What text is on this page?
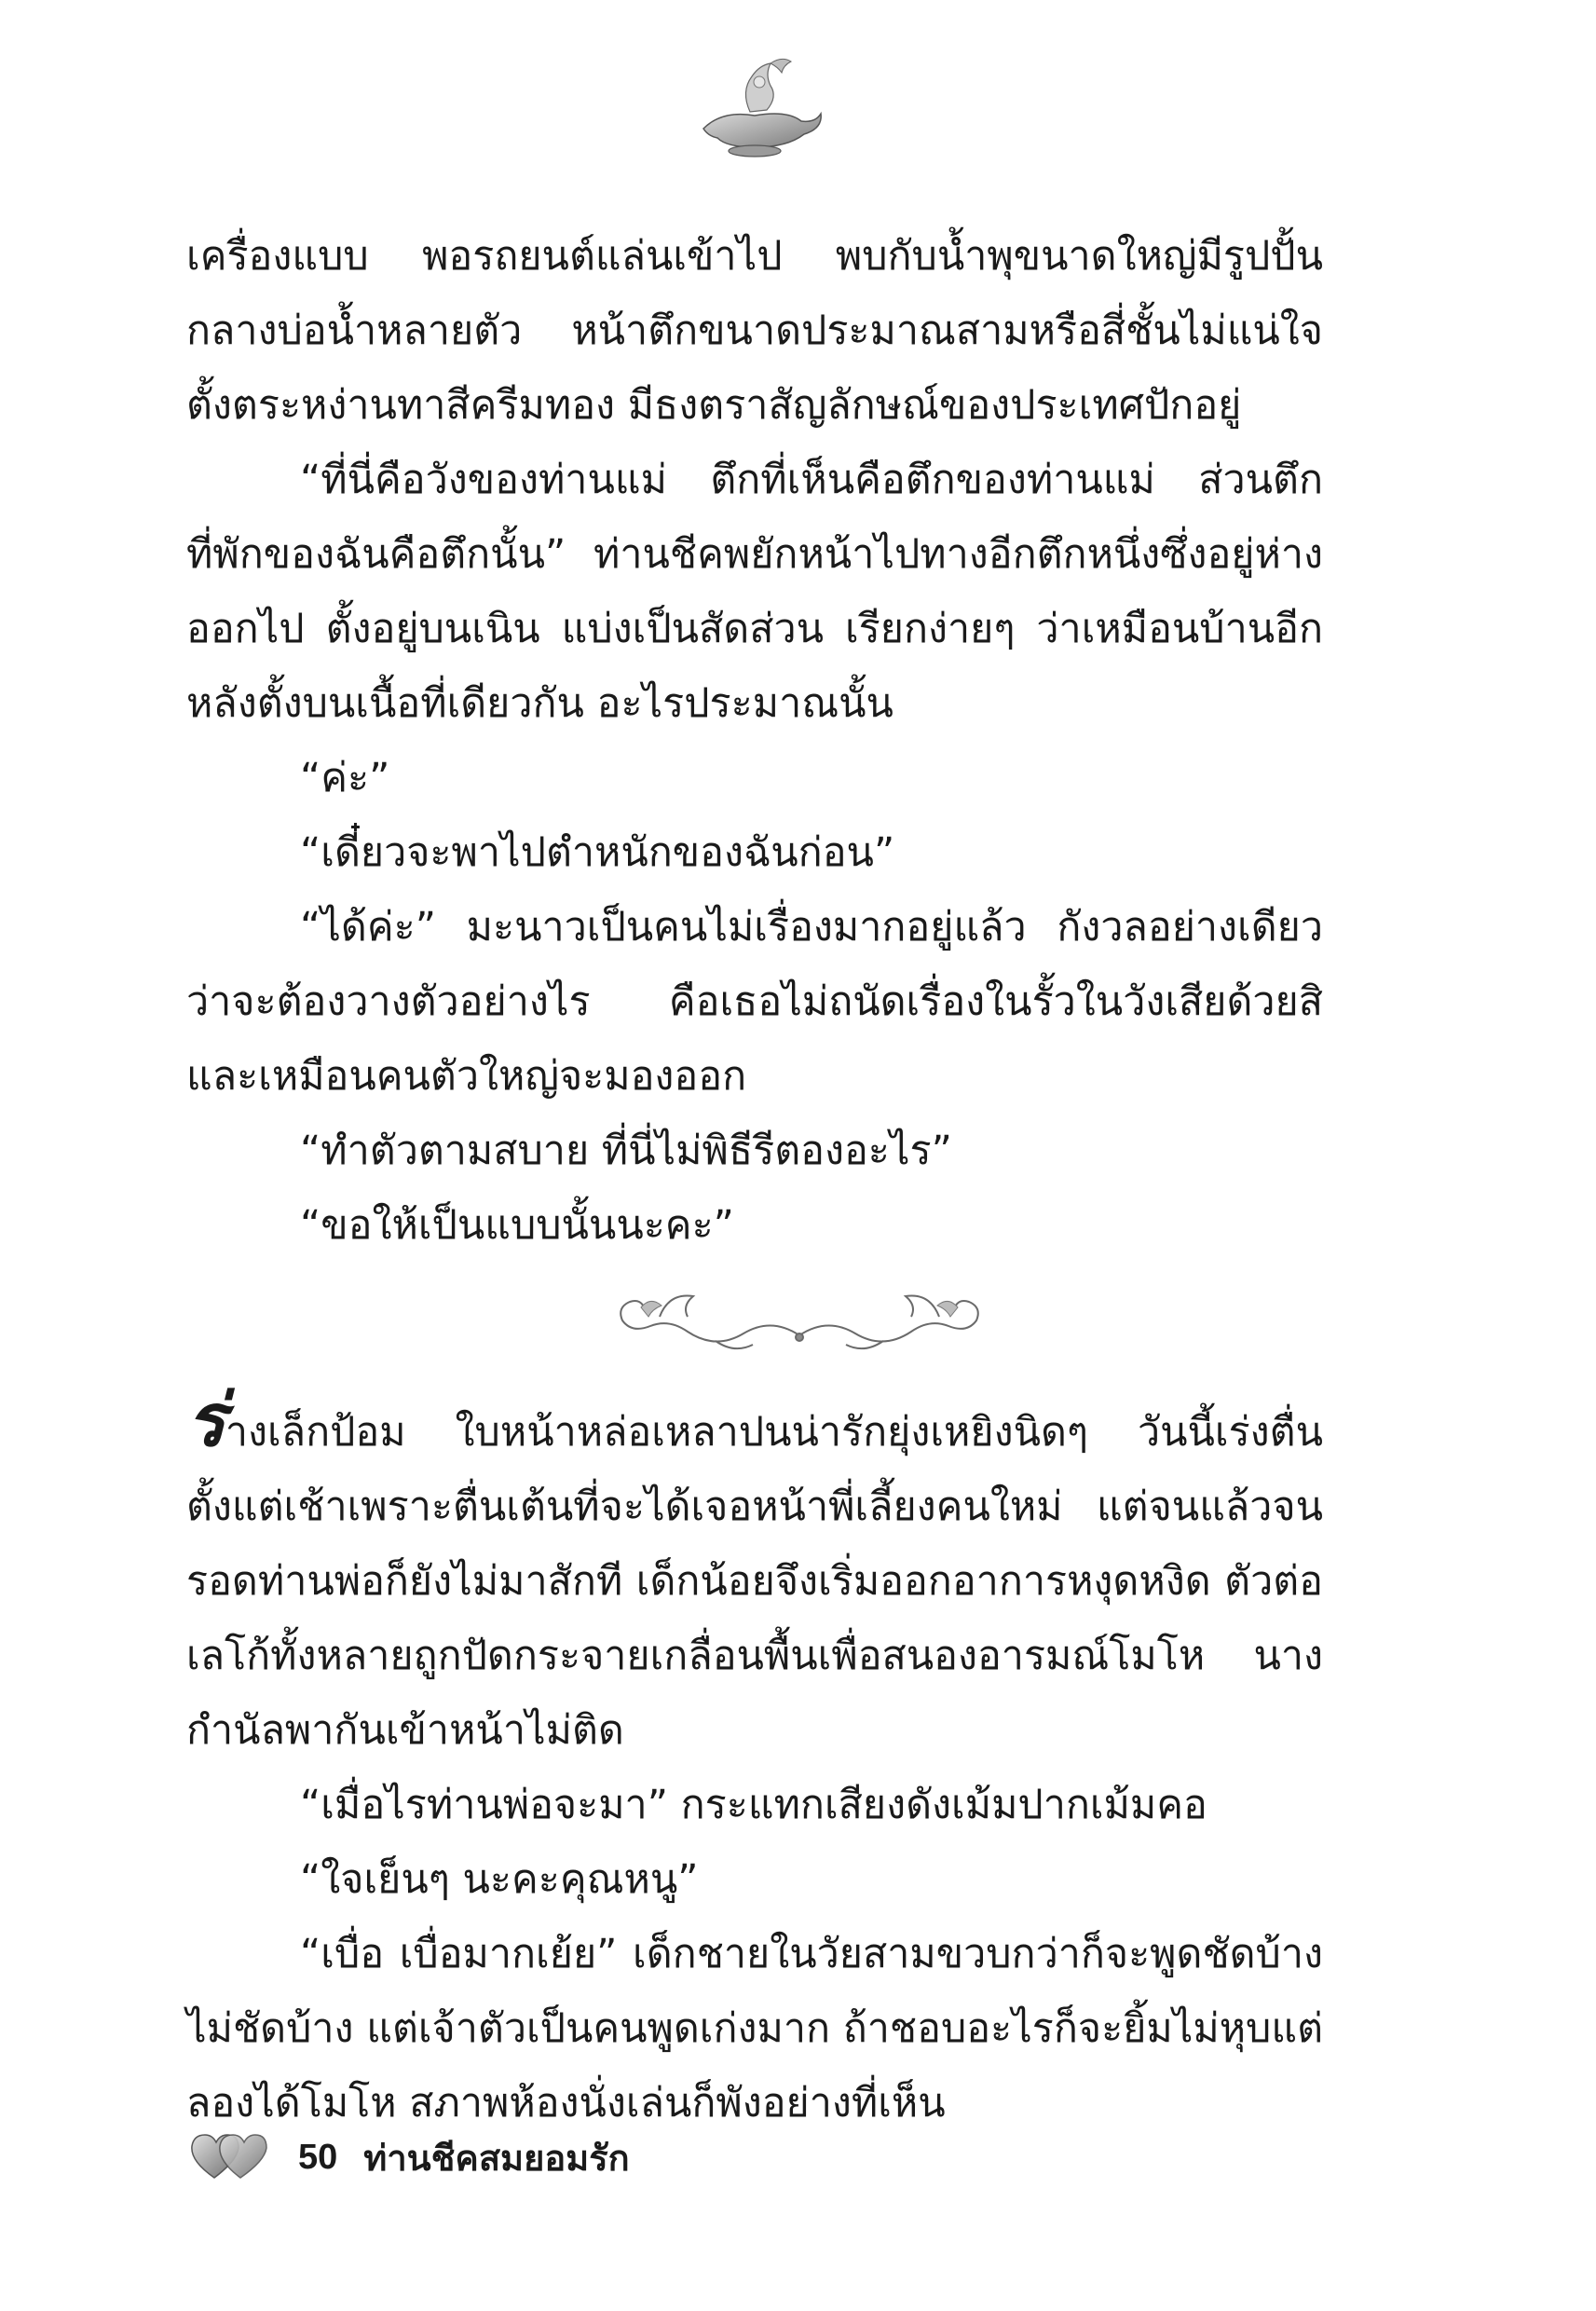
เครื่องแบบ พอรถยนต์แล่นเข้าไป พบกับน้ำพุขนาดใหญ่มีรูปปั้นกลางบ่อน้ำหลายตัว หน้าตึกขนาดประมาณสามหรือสี่ชั้นไม่แน่ใจ ตั้งตระหง่านทาสีครีมทอง มีธงตราสัญลักษณ์ของประเทศปักอยู่

“ที่นี่คือวังของท่านแม่ ตึกที่เห็นคือตึกของท่านแม่ ส่วนตึกที่พักของฉันคือตึกนั้น” ท่านชีคพยักหน้าไปทางอีกตึกหนึ่งซึ่งอยู่ห่างออกไป ตั้งอยู่บนเนิน แบ่งเป็นสัดส่วน เรียกง่ายๆ ว่าเหมือนบ้านอีกหลังตั้งบนเนื้อที่เดียวกัน อะไรประมาณนั้น

“ค่ะ”

“เดี๋ยวจะพาไปตำหนักของฉันก่อน”

“ได้ค่ะ” มะนาวเป็นคนไม่เรื่องมากอยู่แล้ว กังวลอย่างเดียวว่าจะต้องวางตัวอย่างไร คือเธอไม่ถนัดเรื่องในรั้วในวังเสียด้วยสิ และเหมือนคนตัวใหญ่จะมองออก

“ทำตัวตามสบาย ที่นี่ไม่พิธีรีตองอะไร”

“ขอให้เป็นแบบนั้นนะคะ”

ร่างเล็กป้อม ใบหน้าหล่อเหลาปนน่ารักยุ่งเหยิงนิดๆ วันนี้เร่งตื่นตั้งแต่เช้าเพราะตื่นเต้นที่จะได้เจอหน้าพี่เลี้ยงคนใหม่ แต่จนแล้วจนรอดท่านพ่อก็ยังไม่มาสักที เด็กน้อยจึงเริ่มออกอาการหงุดหงิด ตัวต่อเลโก้ทั้งหลายถูกปัดกระจายเกลื่อนพื้นเพื่อสนองอารมณ์โมโห นางกำนัลพากันเข้าหน้าไม่ติด

“เมื่อไรท่านพ่อจะมา” กระแทกเสียงดังเม้มปากเม้มคอ

“ใจเย็นๆ นะคะคุณหนู”

“เบื่อ เบื่อมากเย้ย” เด็กชายในวัยสามขวบกว่าก็จะพูดชัดบ้างไม่ชัดบ้าง แต่เจ้าตัวเป็นคนพูดเก่งมาก ถ้าชอบอะไรก็จะยิ้มไม่หุบแต่ลองได้โมโห สภาพห้องนั่งเล่นก็พังอย่างที่เห็น

50 ท่านชีคสมยอมรัก
